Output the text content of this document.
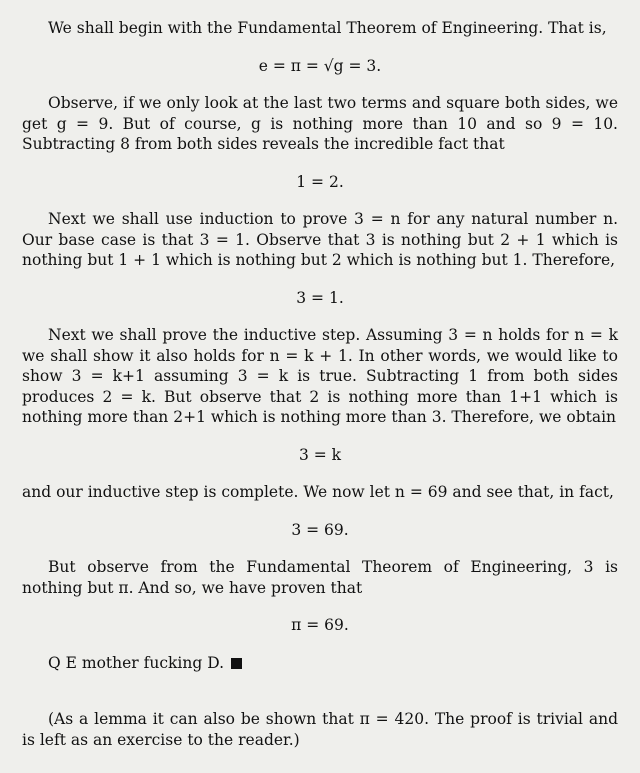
We shall begin with the Fundamental Theorem of Engineering. That is,

e = π = √g = 3.

Observe, if we only look at the last two terms and square both sides, we get g = 9. But of course, g is nothing more than 10 and so 9 = 10. Subtracting 8 from both sides reveals the incredible fact that

1 = 2.

Next we shall use induction to prove 3 = n for any natural number n. Our base case is that 3 = 1. Observe that 3 is nothing but 2 + 1 which is nothing but 1 + 1 which is nothing but 2 which is nothing but 1. Therefore,

3 = 1.

Next we shall prove the inductive step. Assuming 3 = n holds for n = k we shall show it also holds for n = k + 1. In other words, we would like to show 3 = k+1 assuming 3 = k is true. Subtracting 1 from both sides produces 2 = k. But observe that 2 is nothing more than 1+1 which is nothing more than 2+1 which is nothing more than 3. Therefore, we obtain

3 = k

and our inductive step is complete. We now let n = 69 and see that, in fact,

3 = 69.

But observe from the Fundamental Theorem of Engineering, 3 is nothing but π. And so, we have proven that

π = 69.

Q E mother fucking D.

(As a lemma it can also be shown that π = 420. The proof is trivial and is left as an exercise to the reader.)
